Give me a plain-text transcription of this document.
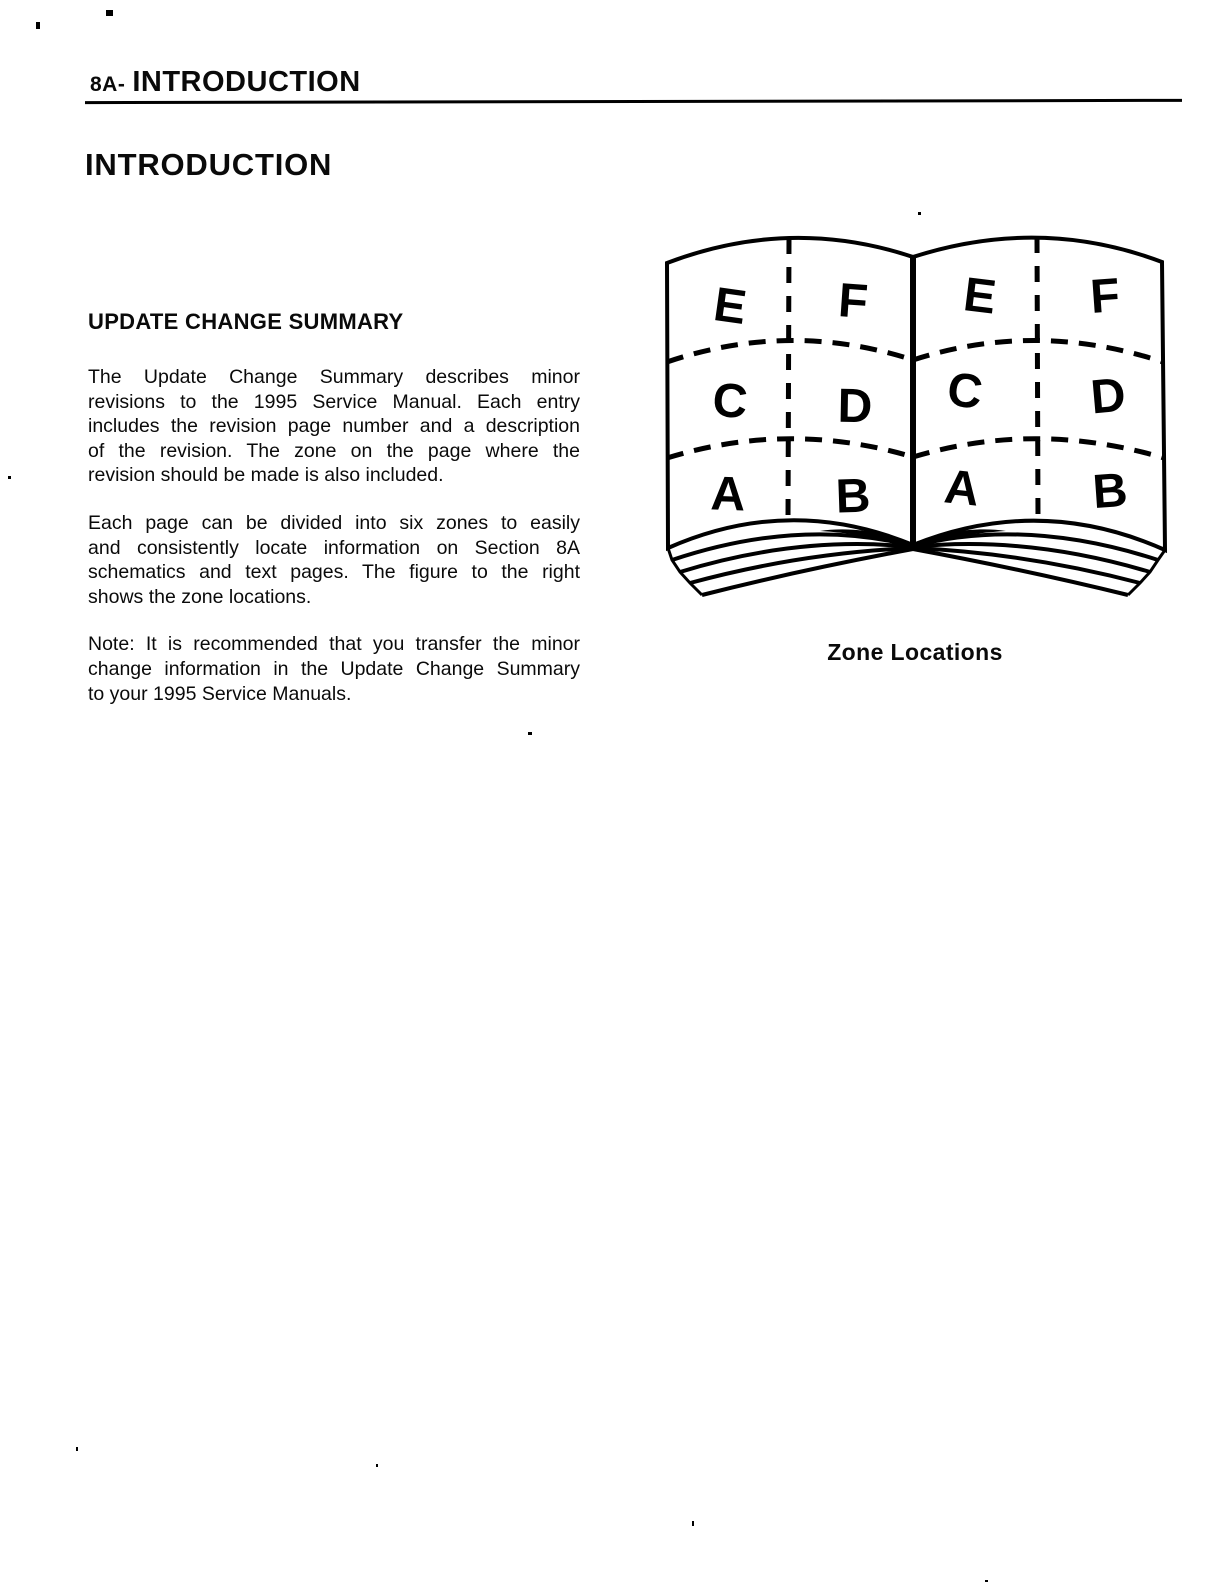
8A- INTRODUCTION
INTRODUCTION
UPDATE CHANGE SUMMARY
The Update Change Summary describes minor
revisions to the 1995 Service Manual. Each entry
includes the revision page number and a description
of the revision. The zone on the page where the
revision should be made is also included.
Each page can be divided into six zones to easily
and consistently locate information on Section 8A
schematics and text pages. The figure to the right
shows the zone locations.
Note: It is recommended that you transfer the minor
change information in the Update Change Summary
to your 1995 Service Manuals.
E F
C D
A B
E F
C D
A B
Zone Locations
